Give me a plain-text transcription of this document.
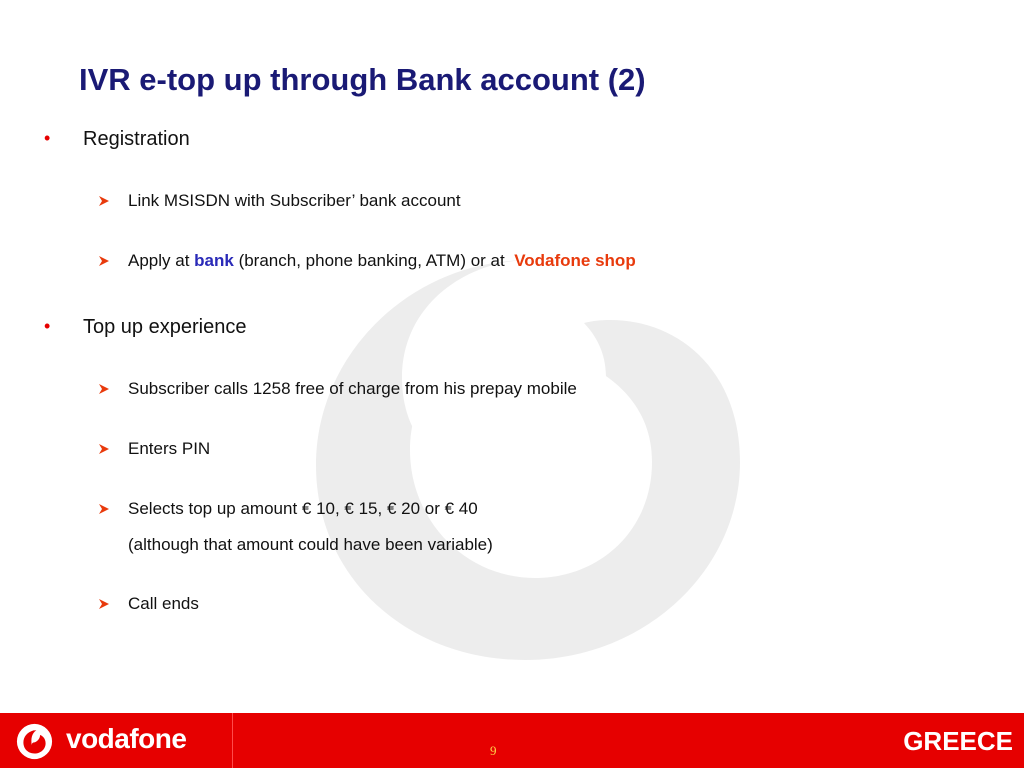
IVR e-top up through Bank account (2)
• Registration
Link MSISDN with Subscriber’ bank account
Apply at bank (branch, phone banking, ATM) or at  Vodafone shop
• Top up experience
Subscriber calls 1258 free of charge from his prepay mobile
Enters PIN
Selects top up amount € 10, € 15, € 20 or € 40
(although that amount could have been variable)
Call ends
vodafone	9	GREECE
